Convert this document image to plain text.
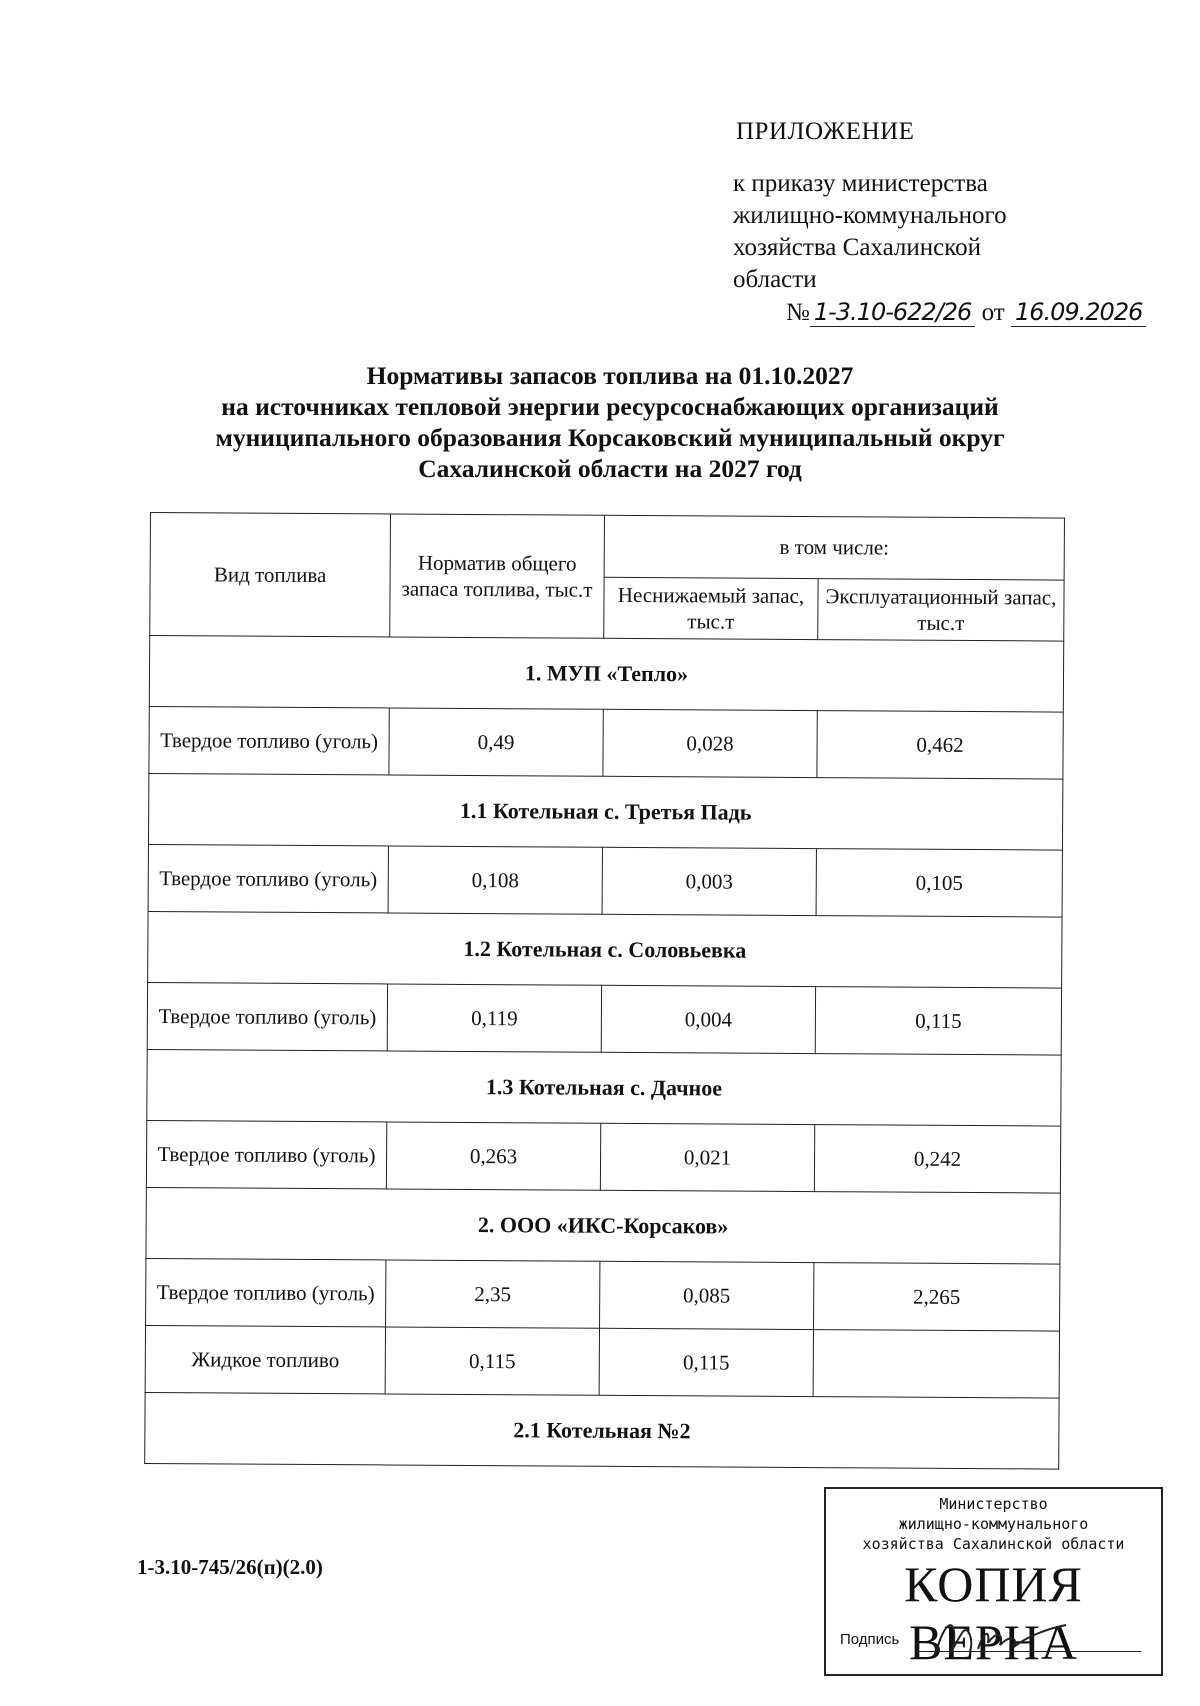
ПРИЛОЖЕНИЕ
к приказу министерства
жилищно-коммунального
хозяйства Сахалинской
области
№ 1-3.10-622/26 от 16.09.2026
Нормативы запасов топлива на 01.10.2027
на источниках тепловой энергии ресурсоснабжающих организаций
муниципального образования Корсаковский муниципальный округ
Сахалинской области на 2027 год
Вид топлива	Норматив общего запаса топлива, тыс.т	в том числе:	
		Неснижаемый запас, тыс.т	Эксплуатационный запас, тыс.т
1. МУП «Тепло»			
Твердое топливо (уголь)	0,49	0,028	0,462
1.1 Котельная с. Третья Падь			
Твердое топливо (уголь)	0,108	0,003	0,105
1.2 Котельная с. Соловьевка			
Твердое топливо (уголь)	0,119	0,004	0,115
1.3 Котельная с. Дачное			
Твердое топливо (уголь)	0,263	0,021	0,242
2. ООО «ИКС-Корсаков»			
Твердое топливо (уголь)	2,35	0,085	2,265
Жидкое топливо	0,115	0,115	
2.1 Котельная №2			
1-3.10-745/26(п)(2.0)
Министерство
жилищно-коммунального
хозяйства Сахалинской области
КОПИЯ ВЕРНА
Подпись
